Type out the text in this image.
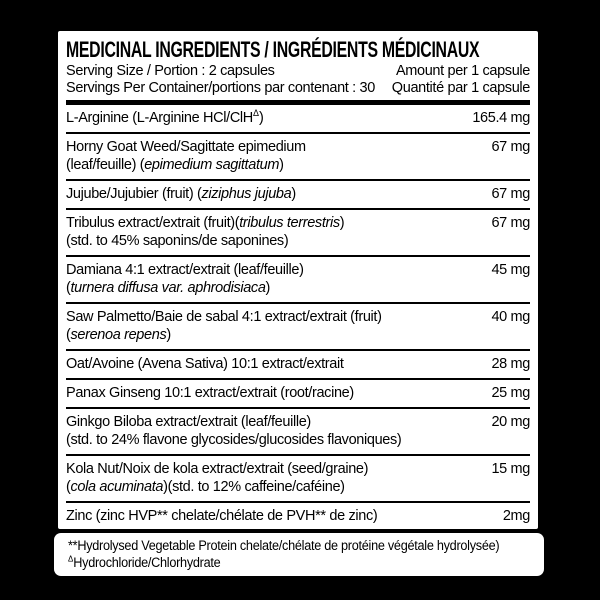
MEDICINAL INGREDIENTS / INGRÉDIENTS MÉDICINAUX
Serving Size / Portion : 2 capsules
Servings Per Container/portions par contenant : 30
Amount per 1 capsule
Quantité par 1 capsule
L-Arginine (L-Arginine HCl/ClH$^\Delta$)	165.4 mg
Horny Goat Weed/Sagittate epimedium
(leaf/feuille) (epimedium sagittatum)
67 mg
Jujube/Jujubier (fruit) (ziziphus jujuba)	67 mg
Tribulus extract/extrait (fruit)(tribulus terrestris)
(std. to 45% saponins/de saponines)
67 mg
Damiana 4:1 extract/extrait (leaf/feuille)
(turnera diffusa var. aphrodisiaca)
45 mg
Saw Palmetto/Baie de sabal 4:1 extract/extrait (fruit)
(serenoa repens)
40 mg
Oat/Avoine (Avena Sativa) 10:1 extract/extrait	28 mg
Panax Ginseng 10:1 extract/extrait (root/racine)	25 mg
Ginkgo Biloba extract/extrait (leaf/feuille)
(std. to 24% flavone glycosides/glucosides flavoniques)
20 mg
Kola Nut/Noix de kola extract/extrait (seed/graine)
(cola acuminata)(std. to 12% caffeine/caféine)
15 mg
Zinc (zinc HVP** chelate/chélate de PVH** de zinc)	2mg
**Hydrolysed Vegetable Protein chelate/chélate de protéine végétale hydrolysée)
$^\Delta$Hydrochloride/Chlorhydrate
